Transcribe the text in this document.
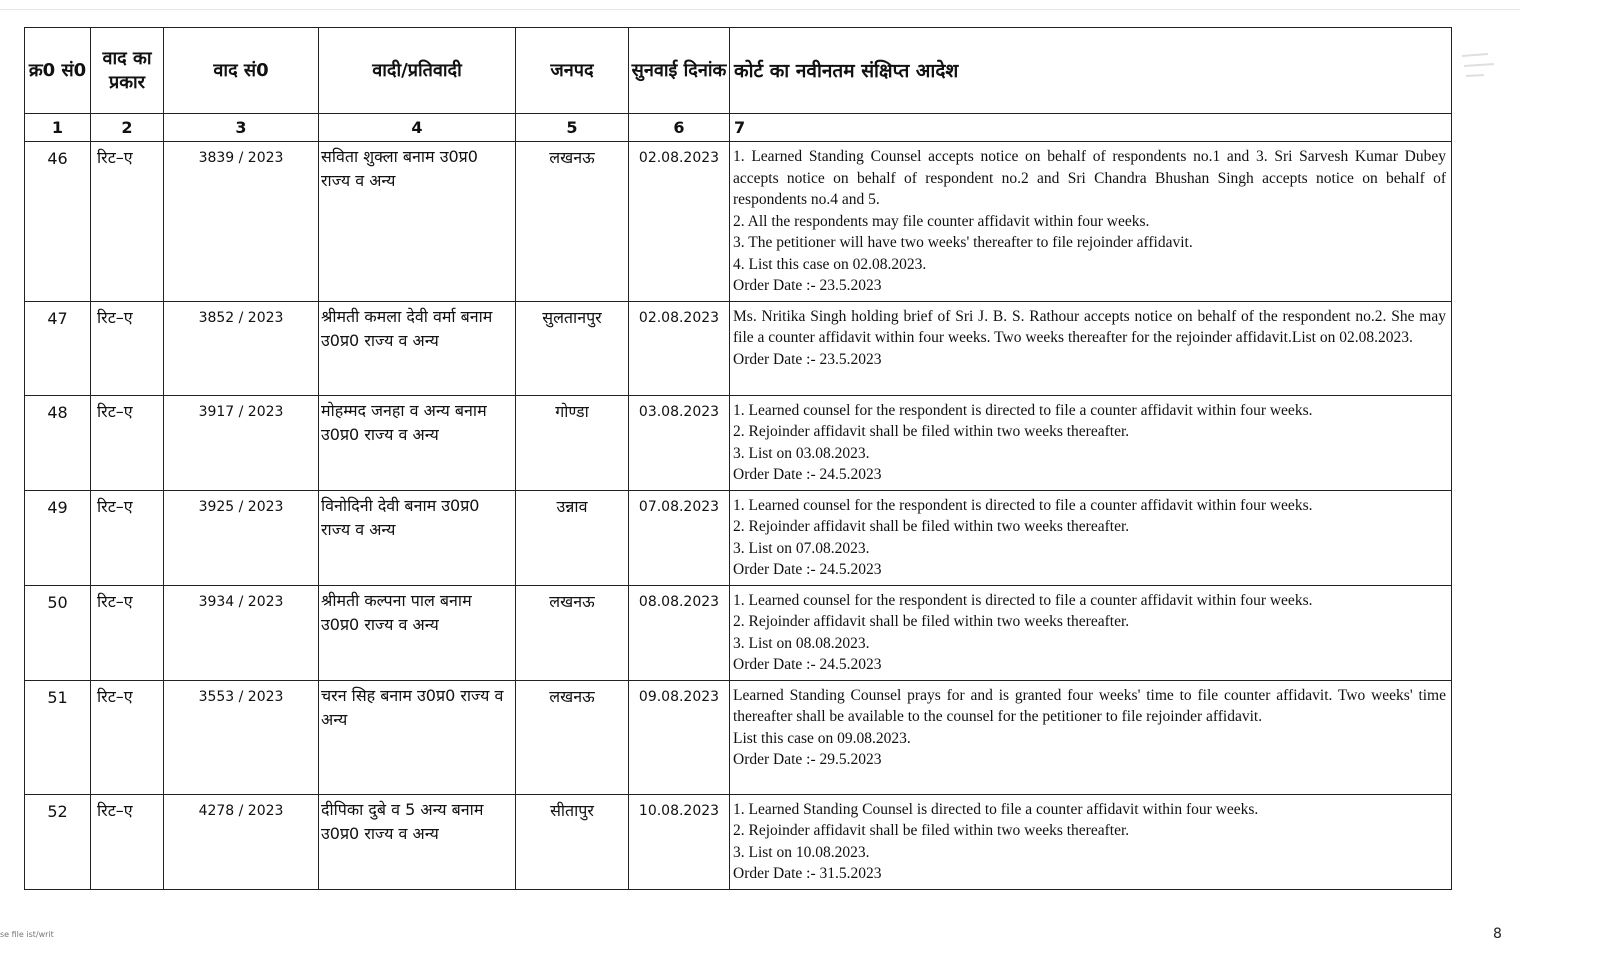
क्र0 सं0	वाद का प्रकार	वाद सं0	वादी/प्रतिवादी	जनपद	सुनवाई दिनांक	कोर्ट का नवीनतम संक्षिप्त आदेश
1	2	3	4	5	6	7
46	रिट–ए	3839 / 2023	सविता शुक्ला बनाम उ0प्र0 राज्य व अन्य	लखनऊ	02.08.2023	1. Learned Standing Counsel accepts notice on behalf of respondents no.1 and 3. Sri Sarvesh Kumar Dubey accepts notice on behalf of respondent no.2 and Sri Chandra Bhushan Singh accepts notice on behalf of respondents no.4 and 5.
2. All the respondents may file counter affidavit within four weeks.
3. The petitioner will have two weeks' thereafter to file rejoinder affidavit.
4. List this case on 02.08.2023.
Order Date :- 23.5.2023

47	रिट–ए	3852 / 2023	श्रीमती कमला देवी वर्मा बनाम उ0प्र0 राज्य व अन्य	सुलतानपुर	02.08.2023	Ms. Nritika Singh holding brief of Sri J. B. S. Rathour accepts notice on behalf of the respondent no.2. She may file a counter affidavit within four weeks. Two weeks thereafter for the rejoinder affidavit.List on 02.08.2023.
Order Date :- 23.5.2023

48	रिट–ए	3917 / 2023	मोहम्मद जनहा व अन्य बनाम उ0प्र0 राज्य व अन्य	गोण्डा	03.08.2023	1. Learned counsel for the respondent is directed to file a counter affidavit within four weeks.
2. Rejoinder affidavit shall be filed within two weeks thereafter.
3. List on 03.08.2023.
Order Date :- 24.5.2023

49	रिट–ए	3925 / 2023	विनोदिनी देवी बनाम उ0प्र0 राज्य व अन्य	उन्नाव	07.08.2023	1. Learned counsel for the respondent is directed to file a counter affidavit within four weeks.
2. Rejoinder affidavit shall be filed within two weeks thereafter.
3. List on 07.08.2023.
Order Date :- 24.5.2023

50	रिट–ए	3934 / 2023	श्रीमती कल्पना पाल बनाम उ0प्र0 राज्य व अन्य	लखनऊ	08.08.2023	1. Learned counsel for the respondent is directed to file a counter affidavit within four weeks.
2. Rejoinder affidavit shall be filed within two weeks thereafter.
3. List on 08.08.2023.
Order Date :- 24.5.2023

51	रिट–ए	3553 / 2023	चरन सिह बनाम उ0प्र0 राज्य व अन्य	लखनऊ	09.08.2023	Learned Standing Counsel prays for and is granted four weeks' time to file counter affidavit. Two weeks' time thereafter shall be available to the counsel for the petitioner to file rejoinder affidavit.
List this case on 09.08.2023.
Order Date :- 29.5.2023

52	रिट–ए	4278 / 2023	दीपिका दुबे व 5 अन्य बनाम उ0प्र0 राज्य व अन्य	सीतापुर	10.08.2023	1. Learned Standing Counsel is directed to file a counter affidavit within four weeks.
2. Rejoinder affidavit shall be filed within two weeks thereafter.
3. List on 10.08.2023.
Order Date :- 31.5.2023
se file ist/writ	8
